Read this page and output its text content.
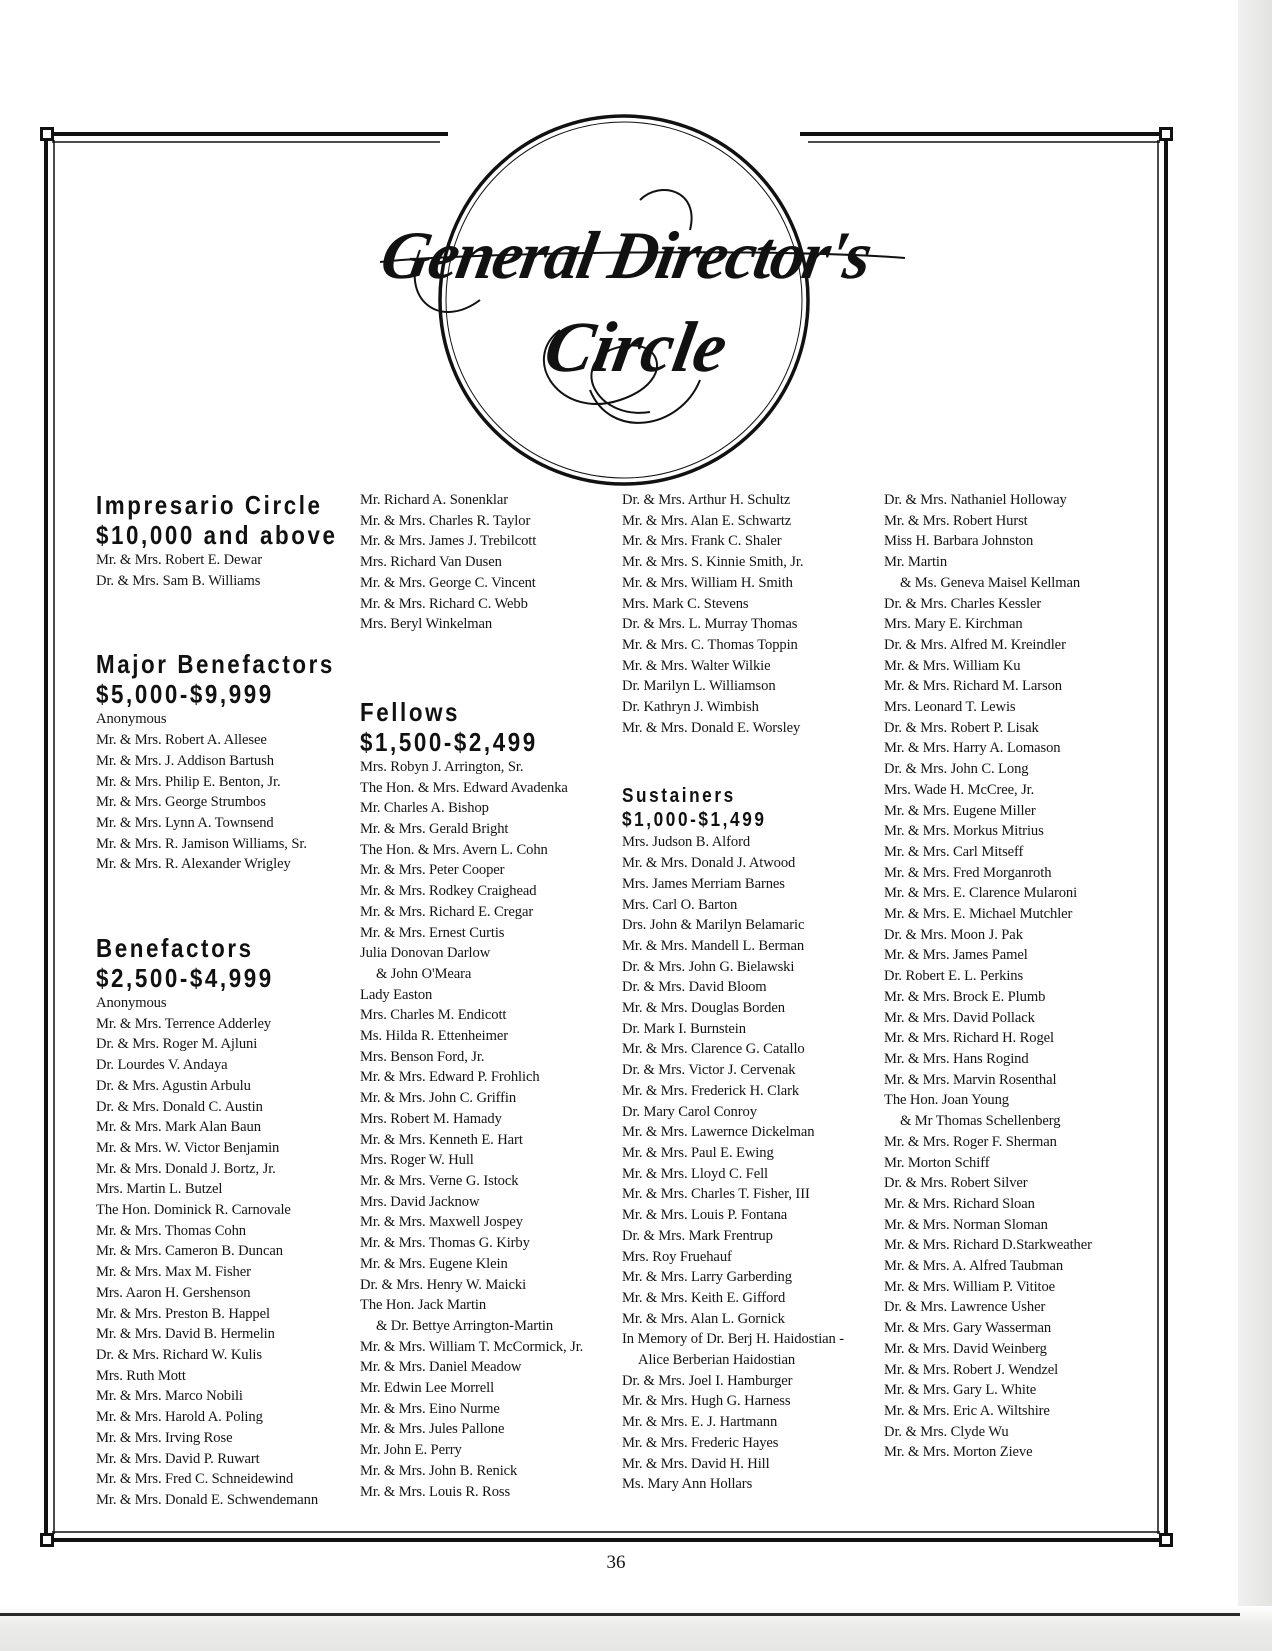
General Director's
Circle
Impresario Circle
$10,000 and above
Mr. & Mrs. Robert E. Dewar
Dr. & Mrs. Sam B. Williams
Major Benefactors
$5,000-$9,999
Anonymous
Mr. & Mrs. Robert A. Allesee
Mr. & Mrs. J. Addison Bartush
Mr. & Mrs. Philip E. Benton, Jr.
Mr. & Mrs. George Strumbos
Mr. & Mrs. Lynn A. Townsend
Mr. & Mrs. R. Jamison Williams, Sr.
Mr. & Mrs. R. Alexander Wrigley
Benefactors
$2,500-$4,999
Anonymous
Mr. & Mrs. Terrence Adderley
Dr. & Mrs. Roger M. Ajluni
Dr. Lourdes V. Andaya
Dr. & Mrs. Agustin Arbulu
Dr. & Mrs. Donald C. Austin
Mr. & Mrs. Mark Alan Baun
Mr. & Mrs. W. Victor Benjamin
Mr. & Mrs. Donald J. Bortz, Jr.
Mrs. Martin L. Butzel
The Hon. Dominick R. Carnovale
Mr. & Mrs. Thomas Cohn
Mr. & Mrs. Cameron B. Duncan
Mr. & Mrs. Max M. Fisher
Mrs. Aaron H. Gershenson
Mr. & Mrs. Preston B. Happel
Mr. & Mrs. David B. Hermelin
Dr. & Mrs. Richard W. Kulis
Mrs. Ruth Mott
Mr. & Mrs. Marco Nobili
Mr. & Mrs. Harold A. Poling
Mr. & Mrs. Irving Rose
Mr. & Mrs. David P. Ruwart
Mr. & Mrs. Fred C. Schneidewind
Mr. & Mrs. Donald E. Schwendemann
Mr. Richard A. Sonenklar
Mr. & Mrs. Charles R. Taylor
Mr. & Mrs. James J. Trebilcott
Mrs. Richard Van Dusen
Mr. & Mrs. George C. Vincent
Mr. & Mrs. Richard C. Webb
Mrs. Beryl Winkelman
Fellows
$1,500-$2,499
Mrs. Robyn J. Arrington, Sr.
The Hon. & Mrs. Edward Avadenka
Mr. Charles A. Bishop
Mr. & Mrs. Gerald Bright
The Hon. & Mrs. Avern L. Cohn
Mr. & Mrs. Peter Cooper
Mr. & Mrs. Rodkey Craighead
Mr. & Mrs. Richard E. Cregar
Mr. & Mrs. Ernest Curtis
Julia Donovan Darlow
& John O'Meara
Lady Easton
Mrs. Charles M. Endicott
Ms. Hilda R. Ettenheimer
Mrs. Benson Ford, Jr.
Mr. & Mrs. Edward P. Frohlich
Mr. & Mrs. John C. Griffin
Mrs. Robert M. Hamady
Mr. & Mrs. Kenneth E. Hart
Mrs. Roger W. Hull
Mr. & Mrs. Verne G. Istock
Mrs. David Jacknow
Mr. & Mrs. Maxwell Jospey
Mr. & Mrs. Thomas G. Kirby
Mr. & Mrs. Eugene Klein
Dr. & Mrs. Henry W. Maicki
The Hon. Jack Martin
& Dr. Bettye Arrington-Martin
Mr. & Mrs. William T. McCormick, Jr.
Mr. & Mrs. Daniel Meadow
Mr. Edwin Lee Morrell
Mr. & Mrs. Eino Nurme
Mr. & Mrs. Jules Pallone
Mr. John E. Perry
Mr. & Mrs. John B. Renick
Mr. & Mrs. Louis R. Ross
Dr. & Mrs. Arthur H. Schultz
Mr. & Mrs. Alan E. Schwartz
Mr. & Mrs. Frank C. Shaler
Mr. & Mrs. S. Kinnie Smith, Jr.
Mr. & Mrs. William H. Smith
Mrs. Mark C. Stevens
Dr. & Mrs. L. Murray Thomas
Mr. & Mrs. C. Thomas Toppin
Mr. & Mrs. Walter Wilkie
Dr. Marilyn L. Williamson
Dr. Kathryn J. Wimbish
Mr. & Mrs. Donald E. Worsley
Sustainers
$1,000-$1,499
Mrs. Judson B. Alford
Mr. & Mrs. Donald J. Atwood
Mrs. James Merriam Barnes
Mrs. Carl O. Barton
Drs. John & Marilyn Belamaric
Mr. & Mrs. Mandell L. Berman
Dr. & Mrs. John G. Bielawski
Dr. & Mrs. David Bloom
Mr. & Mrs. Douglas Borden
Dr. Mark I. Burnstein
Mr. & Mrs. Clarence G. Catallo
Dr. & Mrs. Victor J. Cervenak
Mr. & Mrs. Frederick H. Clark
Dr. Mary Carol Conroy
Mr. & Mrs. Lawernce Dickelman
Mr. & Mrs. Paul E. Ewing
Mr. & Mrs. Lloyd C. Fell
Mr. & Mrs. Charles T. Fisher, III
Mr. & Mrs. Louis P. Fontana
Dr. & Mrs. Mark Frentrup
Mrs. Roy Fruehauf
Mr. & Mrs. Larry Garberding
Mr. & Mrs. Keith E. Gifford
Mr. & Mrs. Alan L. Gornick
In Memory of Dr. Berj H. Haidostian -
Alice Berberian Haidostian
Dr. & Mrs. Joel I. Hamburger
Mr. & Mrs. Hugh G. Harness
Mr. & Mrs. E. J. Hartmann
Mr. & Mrs. Frederic Hayes
Mr. & Mrs. David H. Hill
Ms. Mary Ann Hollars
Dr. & Mrs. Nathaniel Holloway
Mr. & Mrs. Robert Hurst
Miss H. Barbara Johnston
Mr. Martin
& Ms. Geneva Maisel Kellman
Dr. & Mrs. Charles Kessler
Mrs. Mary E. Kirchman
Dr. & Mrs. Alfred M. Kreindler
Mr. & Mrs. William Ku
Mr. & Mrs. Richard M. Larson
Mrs. Leonard T. Lewis
Dr. & Mrs. Robert P. Lisak
Mr. & Mrs. Harry A. Lomason
Dr. & Mrs. John C. Long
Mrs. Wade H. McCree, Jr.
Mr. & Mrs. Eugene Miller
Mr. & Mrs. Morkus Mitrius
Mr. & Mrs. Carl Mitseff
Mr. & Mrs. Fred Morganroth
Mr. & Mrs. E. Clarence Mularoni
Mr. & Mrs. E. Michael Mutchler
Dr. & Mrs. Moon J. Pak
Mr. & Mrs. James Pamel
Dr. Robert E. L. Perkins
Mr. & Mrs. Brock E. Plumb
Mr. & Mrs. David Pollack
Mr. & Mrs. Richard H. Rogel
Mr. & Mrs. Hans Rogind
Mr. & Mrs. Marvin Rosenthal
The Hon. Joan Young
& Mr Thomas Schellenberg
Mr. & Mrs. Roger F. Sherman
Mr. Morton Schiff
Dr. & Mrs. Robert Silver
Mr. & Mrs. Richard Sloan
Mr. & Mrs. Norman Sloman
Mr. & Mrs. Richard D.Starkweather
Mr. & Mrs. A. Alfred Taubman
Mr. & Mrs. William P. Vititoe
Dr. & Mrs. Lawrence Usher
Mr. & Mrs. Gary Wasserman
Mr. & Mrs. David Weinberg
Mr. & Mrs. Robert J. Wendzel
Mr. & Mrs. Gary L. White
Mr. & Mrs. Eric A. Wiltshire
Dr. & Mrs. Clyde Wu
Mr. & Mrs. Morton Zieve
36
